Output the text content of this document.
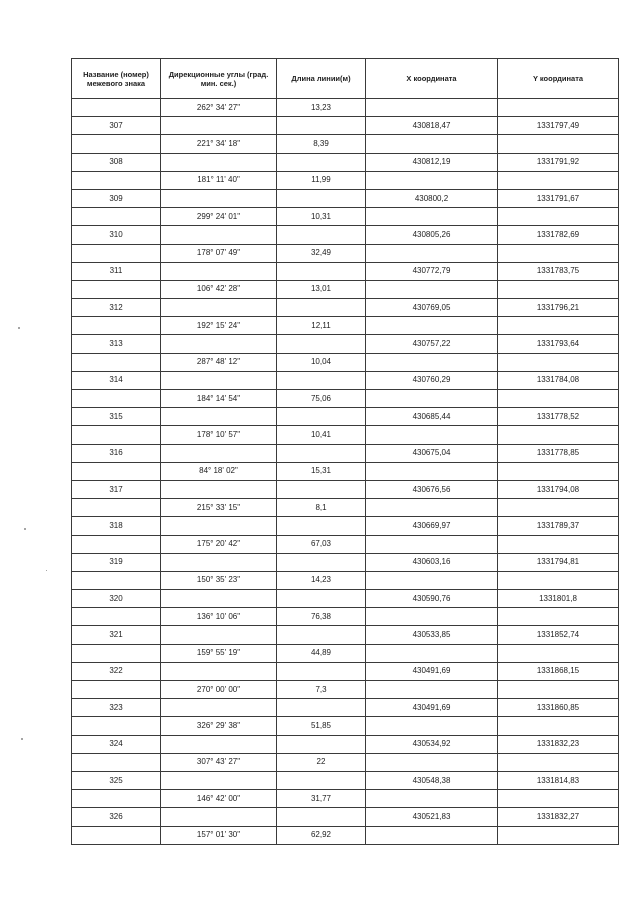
Название (номер) межевого знака	Дирекционные углы (град. мин. сек.)	Длина линии(м)	Х координата	Y координата
	262° 34' 27"	13,23		
307			430818,47	1331797,49
	221° 34' 18"	8,39		
308			430812,19	1331791,92
	181° 11' 40"	11,99		
309			430800,2	1331791,67
	299° 24' 01"	10,31		
310			430805,26	1331782,69
	178° 07' 49"	32,49		
311			430772,79	1331783,75
	106° 42' 28"	13,01		
312			430769,05	1331796,21
	192° 15' 24"	12,11		
313			430757,22	1331793,64
	287° 48' 12"	10,04		
314			430760,29	1331784,08
	184° 14' 54"	75,06		
315			430685,44	1331778,52
	178° 10' 57"	10,41		
316			430675,04	1331778,85
	84° 18' 02"	15,31		
317			430676,56	1331794,08
	215° 33' 15"	8,1		
318			430669,97	1331789,37
	175° 20' 42"	67,03		
319			430603,16	1331794,81
	150° 35' 23"	14,23		
320			430590,76	1331801,8
	136° 10' 06"	76,38		
321			430533,85	1331852,74
	159° 55' 19"	44,89		
322			430491,69	1331868,15
	270° 00' 00"	7,3		
323			430491,69	1331860,85
	326° 29' 38"	51,85		
324			430534,92	1331832,23
	307° 43' 27"	22		
325			430548,38	1331814,83
	146° 42' 00"	31,77		
326			430521,83	1331832,27
	157° 01' 30"	62,92		
